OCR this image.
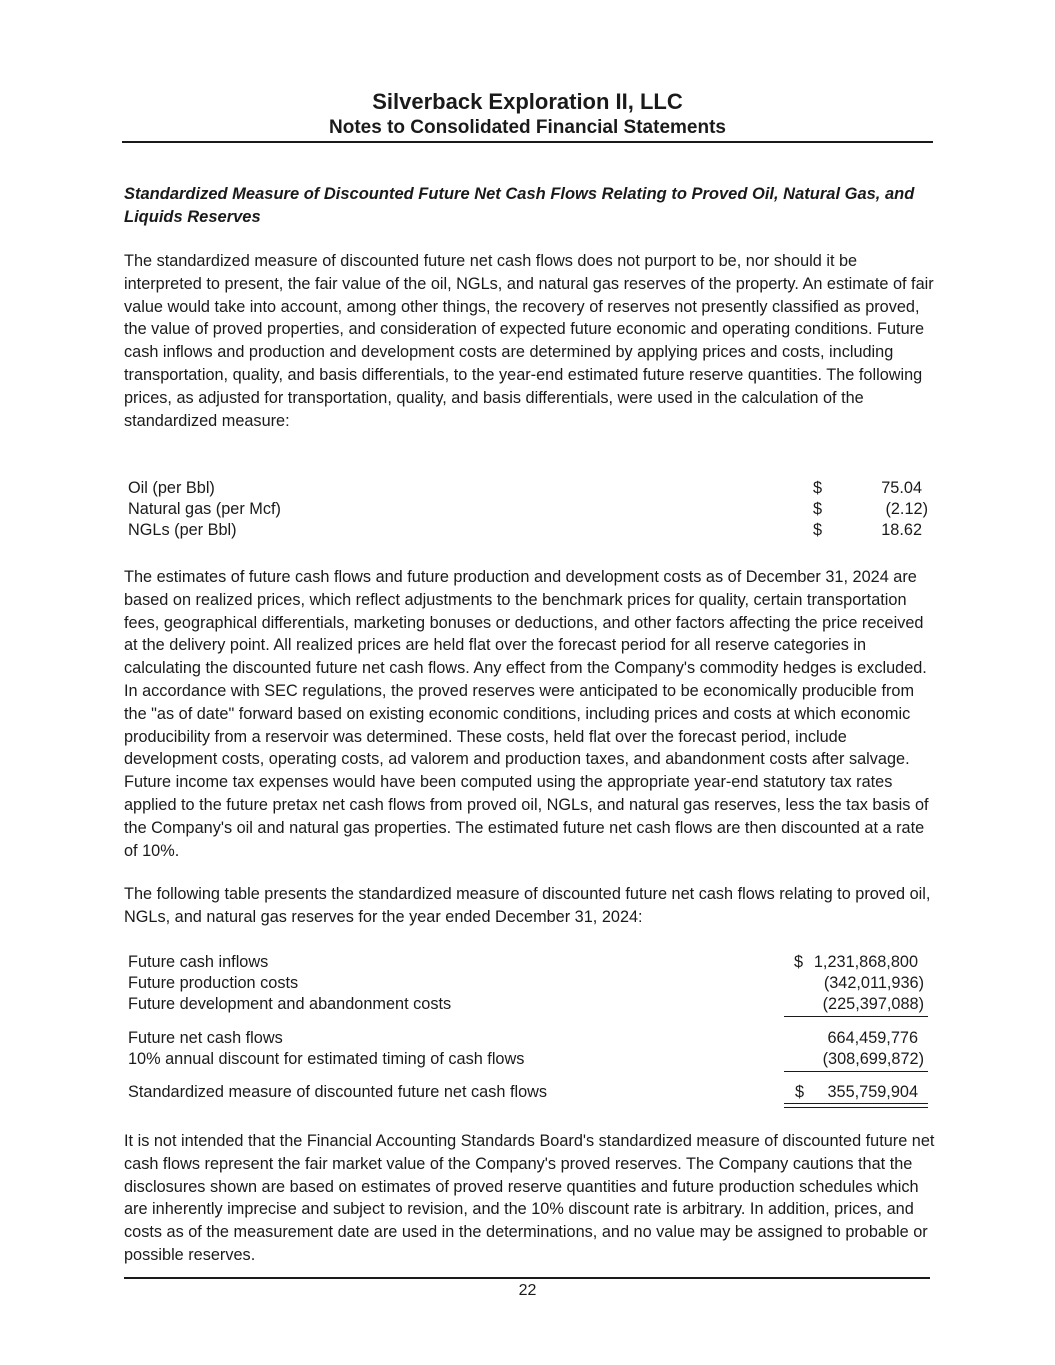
Silverback Exploration II, LLC
Notes to Consolidated Financial Statements
Standardized Measure of Discounted Future Net Cash Flows Relating to Proved Oil, Natural Gas, and Liquids Reserves

The standardized measure of discounted future net cash flows does not purport to be, nor should it be interpreted to present, the fair value of the oil, NGLs, and natural gas reserves of the property. An estimate of fair value would take into account, among other things, the recovery of reserves not presently classified as proved, the value of proved properties, and consideration of expected future economic and operating conditions. Future cash inflows and production and development costs are determined by applying prices and costs, including transportation, quality, and basis differentials, to the year-end estimated future reserve quantities. The following prices, as adjusted for transportation, quality, and basis differentials, were used in the calculation of the standardized measure:

Oil (per Bbl)	$	75.04
Natural gas (per Mcf)	$	(2.12)
NGLs (per Bbl)	$	18.62

The estimates of future cash flows and future production and development costs as of December 31, 2024 are based on realized prices, which reflect adjustments to the benchmark prices for quality, certain transportation fees, geographical differentials, marketing bonuses or deductions, and other factors affecting the price received at the delivery point. All realized prices are held flat over the forecast period for all reserve categories in calculating the discounted future net cash flows. Any effect from the Company's commodity hedges is excluded. In accordance with SEC regulations, the proved reserves were anticipated to be economically producible from the "as of date" forward based on existing economic conditions, including prices and costs at which economic producibility from a reservoir was determined. These costs, held flat over the forecast period, include development costs, operating costs, ad valorem and production taxes, and abandonment costs after salvage. Future income tax expenses would have been computed using the appropriate year-end statutory tax rates applied to the future pretax net cash flows from proved oil, NGLs, and natural gas reserves, less the tax basis of the Company's oil and natural gas properties. The estimated future net cash flows are then discounted at a rate of 10%.

The following table presents the standardized measure of discounted future net cash flows relating to proved oil, NGLs, and natural gas reserves for the year ended December 31, 2024:

Future cash inflows	$ 1,231,868,800
Future production costs	(342,011,936)
Future development and abandonment costs	(225,397,088)
Future net cash flows	664,459,776
10% annual discount for estimated timing of cash flows	(308,699,872)
Standardized measure of discounted future net cash flows	$ 355,759,904

It is not intended that the Financial Accounting Standards Board's standardized measure of discounted future net cash flows represent the fair market value of the Company's proved reserves. The Company cautions that the disclosures shown are based on estimates of proved reserve quantities and future production schedules which are inherently imprecise and subject to revision, and the 10% discount rate is arbitrary. In addition, prices, and costs as of the measurement date are used in the determinations, and no value may be assigned to probable or possible reserves.

22
